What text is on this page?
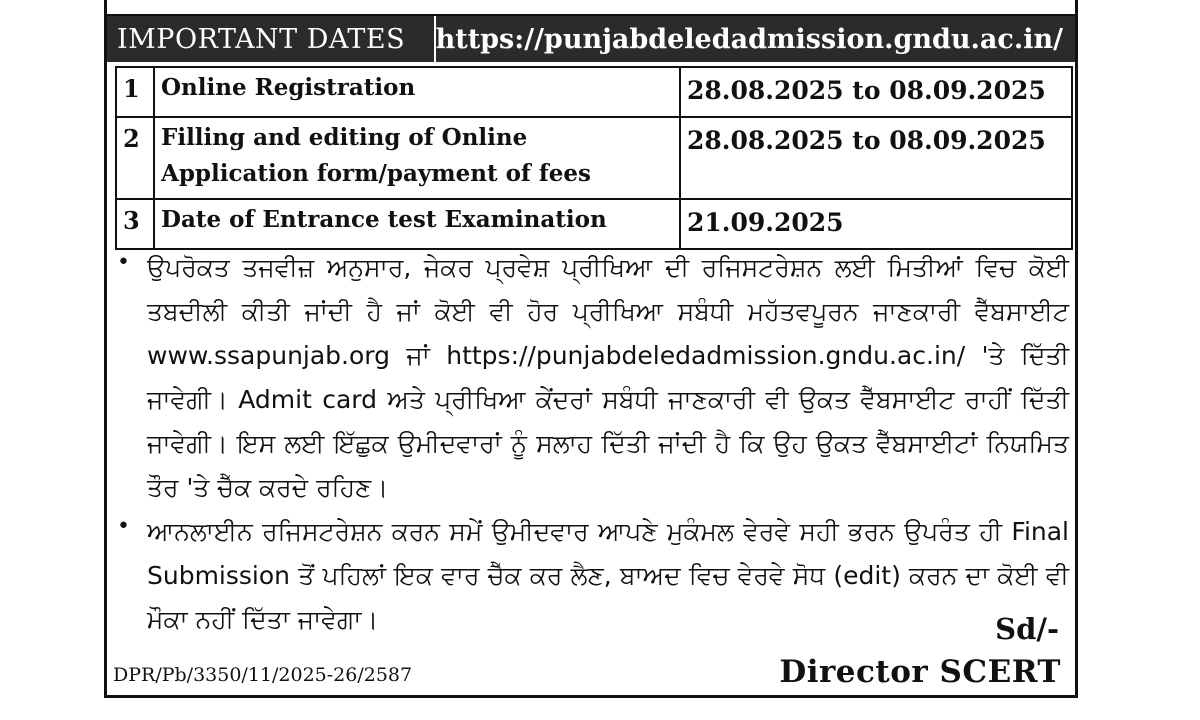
IMPORTANT DATES	https://punjabdeledadmission.gndu.ac.in/
1	Online Registration	28.08.2025 to 08.09.2025
2	Filling and editing of Online Application form/payment of fees	28.08.2025 to 08.09.2025
3	Date of Entrance test Examination	21.09.2025
• ਉਪਰੋਕਤ ਤਜਵੀਜ਼ ਅਨੁਸਾਰ, ਜੇਕਰ ਪ੍ਰਵੇਸ਼ ਪ੍ਰੀਖਿਆ ਦੀ ਰਜਿਸਟਰੇਸ਼ਨ ਲਈ ਮਿਤੀਆਂ ਵਿਚ ਕੋਈ ਤਬਦੀਲੀ ਕੀਤੀ ਜਾਂਦੀ ਹੈ ਜਾਂ ਕੋਈ ਵੀ ਹੋਰ ਪ੍ਰੀਖਿਆ ਸਬੰਧੀ ਮਹੱਤਵਪੂਰਨ ਜਾਣਕਾਰੀ ਵੈੱਬਸਾਈਟ www.ssapunjab.org ਜਾਂ https://punjabdeledadmission.gndu.ac.in/ 'ਤੇ ਦਿੱਤੀ ਜਾਵੇਗੀ। Admit card ਅਤੇ ਪ੍ਰੀਖਿਆ ਕੇਂਦਰਾਂ ਸਬੰਧੀ ਜਾਣਕਾਰੀ ਵੀ ਉਕਤ ਵੈੱਬਸਾਈਟ ਰਾਹੀਂ ਦਿੱਤੀ ਜਾਵੇਗੀ। ਇਸ ਲਈ ਇੱਛੁਕ ਉਮੀਦਵਾਰਾਂ ਨੂੰ ਸਲਾਹ ਦਿੱਤੀ ਜਾਂਦੀ ਹੈ ਕਿ ਉਹ ਉਕਤ ਵੈੱਬਸਾਈਟਾਂ ਨਿਯਮਿਤ ਤੌਰ 'ਤੇ ਚੈੱਕ ਕਰਦੇ ਰਹਿਣ।
• ਆਨਲਾਈਨ ਰਜਿਸਟਰੇਸ਼ਨ ਕਰਨ ਸਮੇਂ ਉਮੀਦਵਾਰ ਆਪਣੇ ਮੁਕੰਮਲ ਵੇਰਵੇ ਸਹੀ ਭਰਨ ਉਪਰੰਤ ਹੀ Final Submission ਤੋਂ ਪਹਿਲਾਂ ਇਕ ਵਾਰ ਚੈੱਕ ਕਰ ਲੈਣ, ਬਾਅਦ ਵਿਚ ਵੇਰਵੇ ਸੋਧ (edit) ਕਰਨ ਦਾ ਕੋਈ ਵੀ ਮੌਕਾ ਨਹੀਂ ਦਿੱਤਾ ਜਾਵੇਗਾ।	Sd/-
DPR/Pb/3350/11/2025-26/2587	Director SCERT
